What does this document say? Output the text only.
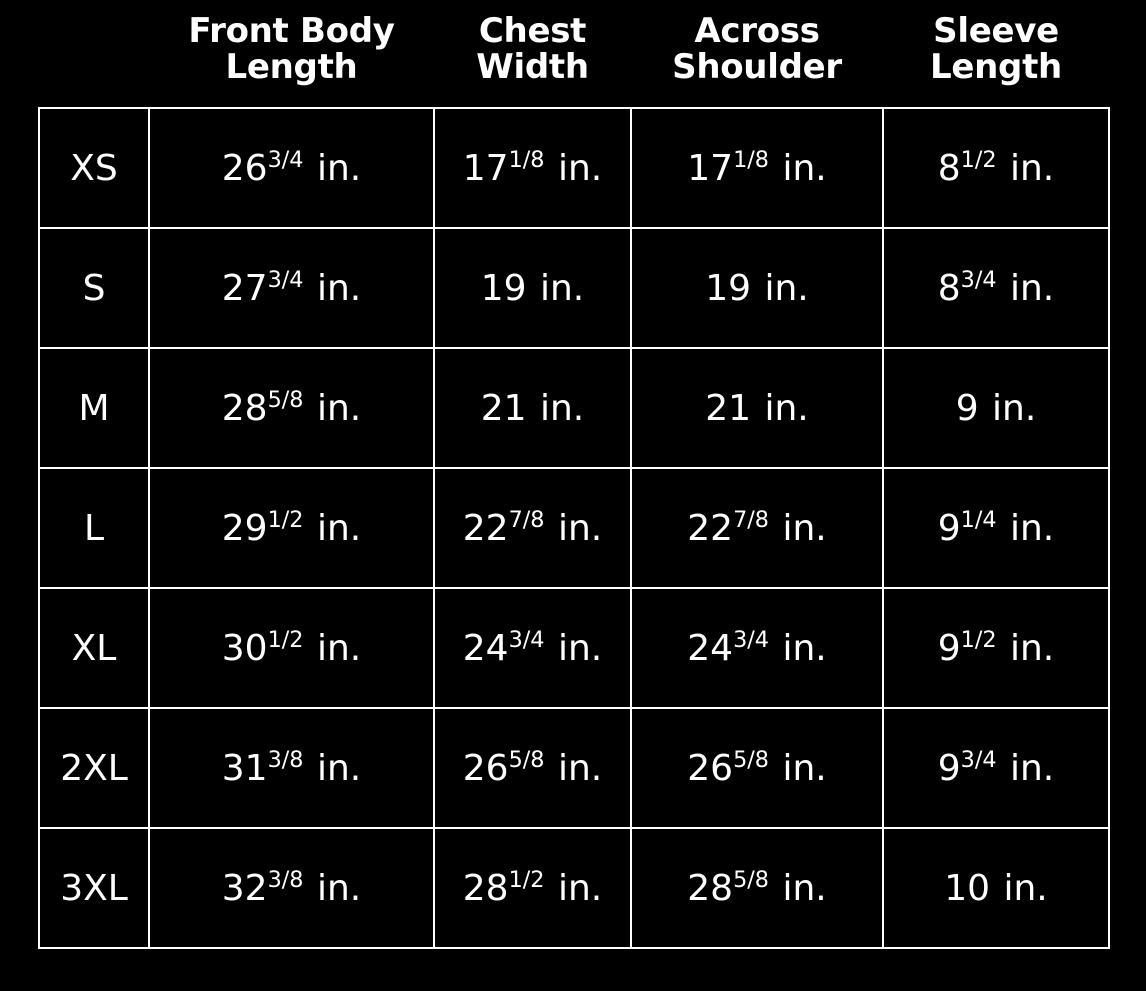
	Front Body Length	Chest Width	Across Shoulder	Sleeve Length
XS	$26^{3/4}$ in.	$17^{1/8}$ in.	$17^{1/8}$ in.	$8^{1/2}$ in.
S	$27^{3/4}$ in.	19 in.	19 in.	$8^{3/4}$ in.
M	$28^{5/8}$ in.	21 in.	21 in.	9 in.
L	$29^{1/2}$ in.	$22^{7/8}$ in.	$22^{7/8}$ in.	$9^{1/4}$ in.
XL	$30^{1/2}$ in.	$24^{3/4}$ in.	$24^{3/4}$ in.	$9^{1/2}$ in.
2XL	$31^{3/8}$ in.	$26^{5/8}$ in.	$26^{5/8}$ in.	$9^{3/4}$ in.
3XL	$32^{3/8}$ in.	$28^{1/2}$ in.	$28^{5/8}$ in.	10 in.
